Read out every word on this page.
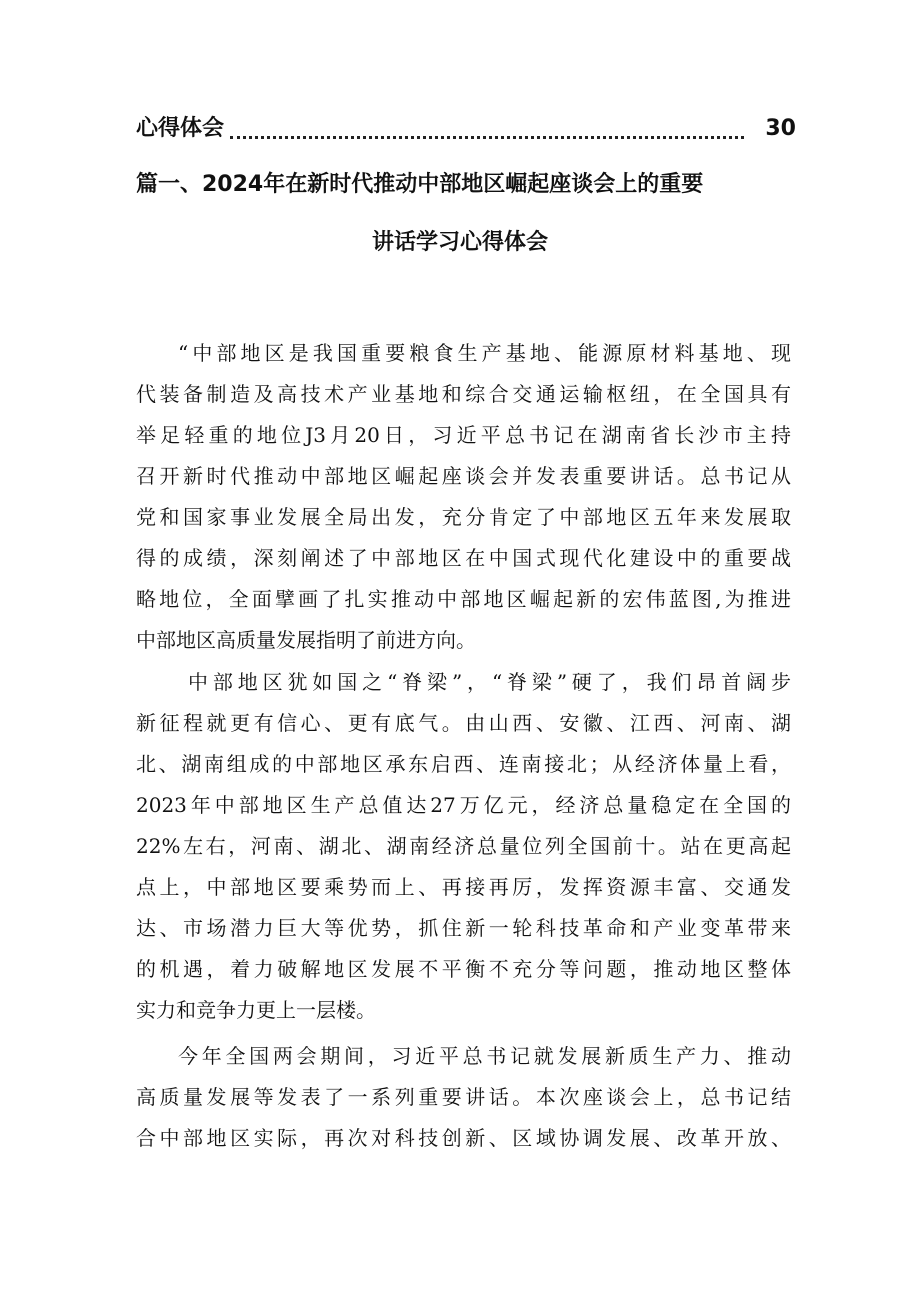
心得体会	30
篇一、2024年在新时代推动中部地区崛起座谈会上的重要
讲话学习心得体会
“中部地区是我国重要粮食生产基地、能源原材料基地、现
代装备制造及高技术产业基地和综合交通运输枢纽，在全国具有
举足轻重的地位J3月20日，习近平总书记在湖南省长沙市主持
召开新时代推动中部地区崛起座谈会并发表重要讲话。总书记从
党和国家事业发展全局出发，充分肯定了中部地区五年来发展取
得的成绩，深刻阐述了中部地区在中国式现代化建设中的重要战
略地位，全面擘画了扎实推动中部地区崛起新的宏伟蓝图,为推进
中部地区高质量发展指明了前进方向。
中部地区犹如国之“脊梁”，“脊梁”硬了，我们昂首阔步
新征程就更有信心、更有底气。由山西、安徽、江西、河南、湖
北、湖南组成的中部地区承东启西、连南接北；从经济体量上看，
2023年中部地区生产总值达27万亿元，经济总量稳定在全国的
22%左右，河南、湖北、湖南经济总量位列全国前十。站在更高起
点上，中部地区要乘势而上、再接再厉，发挥资源丰富、交通发
达、市场潜力巨大等优势，抓住新一轮科技革命和产业变革带来
的机遇，着力破解地区发展不平衡不充分等问题，推动地区整体
实力和竞争力更上一层楼。
今年全国两会期间，习近平总书记就发展新质生产力、推动
高质量发展等发表了一系列重要讲话。本次座谈会上，总书记结
合中部地区实际，再次对科技创新、区域协调发展、改革开放、
